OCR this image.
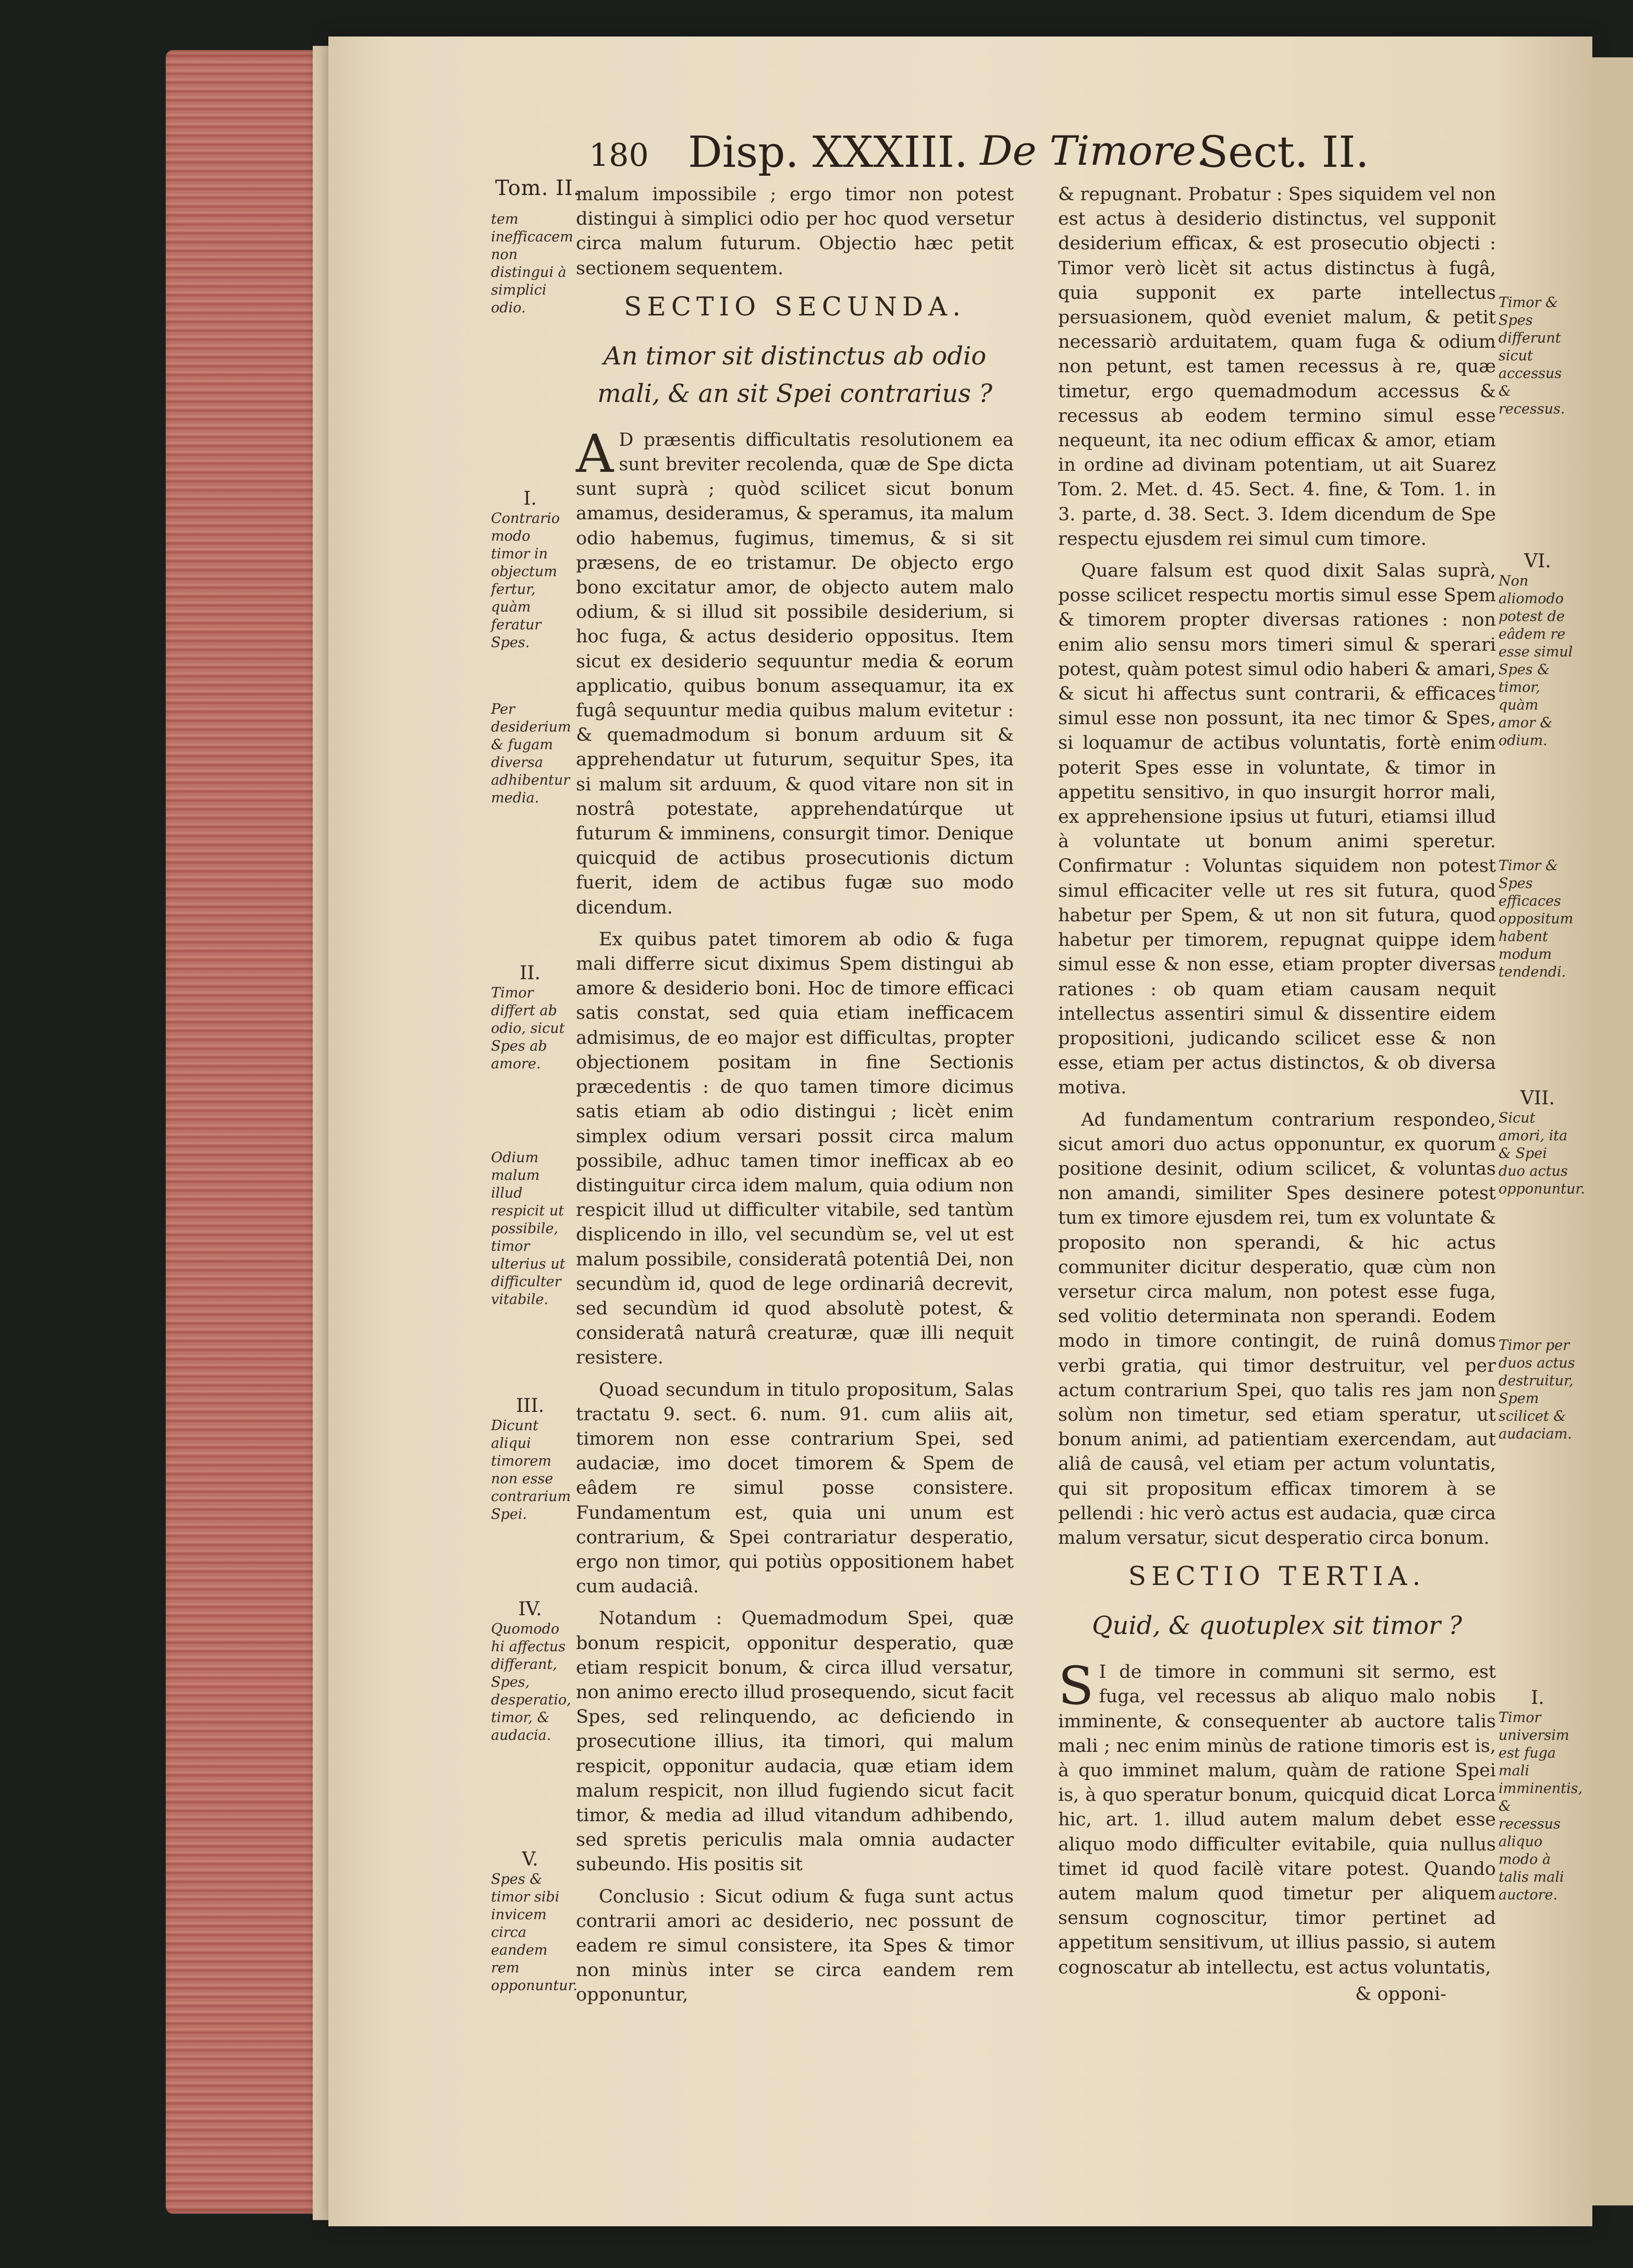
180 Disp. XXXIII. De Timore.
Sect. II.
Tom. II.

malum impossibile ; ergo timor non potest distingui à simplici odio per hoc quod versetur circa malum futurum. Objectio hæc petit sectionem sequentem.

SECTIO SECUNDA.
An timor sit distinctus ab odio mali, & an sit Spei contrarius ?

AD præsentis difficultatis resolutionem ea sunt breviter recolenda, quæ de Spe dicta sunt suprà ; quòd scilicet sicut bonum amamus, desideramus, & speramus, ita malum odio habemus, fugimus, timemus, & si sit præsens, de eo tristamur. De objecto ergo bono excitatur amor, de objecto autem malo odium, & si illud sit possibile desiderium, si hoc fuga, & actus desiderio oppositus. Item sicut ex desiderio sequuntur media & eorum applicatio, quibus bonum assequamur, ita ex fugâ sequuntur media quibus malum evitetur : & quemadmodum si bonum arduum sit & apprehendatur ut futurum, sequitur Spes, ita si malum sit arduum, & quod vitare non sit in nostrâ potestate, apprehendatúrque ut futurum & imminens, consurgit timor. Denique quicquid de actibus prosecutionis dictum fuerit, idem de actibus fugæ suo modo dicendum.

Ex quibus patet timorem ab odio & fuga mali differre sicut diximus Spem distingui ab amore & desiderio boni. Hoc de timore efficaci satis constat, sed quia etiam inefficacem admisimus, de eo major est difficultas, propter objectionem positam in fine Sectionis præcedentis : de quo tamen timore dicimus satis etiam ab odio distingui ; licèt enim simplex odium versari possit circa malum possibile, adhuc tamen timor inefficax ab eo distinguitur circa idem malum, quia odium non respicit illud ut difficulter vitabile, sed tantùm displicendo in illo, vel secundùm se, vel ut est malum possibile, consideratâ potentiâ Dei, non secundùm id, quod de lege ordinariâ decrevit, sed secundùm id quod absolutè potest, & consideratâ naturâ creaturæ, quæ illi nequit resistere.

Quoad secundum in titulo propositum, Salas tractatu 9. sect. 6. num. 91. cum aliis ait, timorem non esse contrarium Spei, sed audaciæ, imo docet timorem & Spem de eâdem re simul posse consistere. Fundamentum est, quia uni unum est contrarium, & Spei contrariatur desperatio, ergo non timor, qui potiùs oppositionem habet cum audaciâ.

Notandum : Quemadmodum Spei, quæ bonum respicit, opponitur desperatio, quæ etiam respicit bonum, & circa illud versatur, non animo erecto illud prosequendo, sicut facit Spes, sed relinquendo, ac deficiendo in prosecutione illius, ita timori, qui malum respicit, opponitur audacia, quæ etiam idem malum respicit, non illud fugiendo sicut facit timor, & media ad illud vitandum adhibendo, sed spretis periculis mala omnia audacter subeundo. His positis sit

Conclusio : Sicut odium & fuga sunt actus contrarii amori ac desiderio, nec possunt de eadem re simul consistere, ita Spes & timor non minùs inter se circa eandem rem opponuntur,

& repugnant. Probatur : Spes siquidem vel non est actus à desiderio distinctus, vel supponit desiderium efficax, & est prosecutio objecti : Timor verò licèt sit actus distinctus à fugâ, quia supponit ex parte intellectus persuasionem, quòd eveniet malum, & petit necessariò arduitatem, quam fuga & odium non petunt, est tamen recessus à re, quæ timetur, ergo quemadmodum accessus & recessus ab eodem termino simul esse nequeunt, ita nec odium efficax & amor, etiam in ordine ad divinam potentiam, ut ait Suarez Tom. 2. Met. d. 45. Sect. 4. fine, & Tom. 1. in 3. parte, d. 38. Sect. 3. Idem dicendum de Spe respectu ejusdem rei simul cum timore.

Quare falsum est quod dixit Salas suprà, posse scilicet respectu mortis simul esse Spem & timorem propter diversas rationes : non enim alio sensu mors timeri simul & sperari potest, quàm potest simul odio haberi & amari, & sicut hi affectus sunt contrarii, & efficaces simul esse non possunt, ita nec timor & Spes, si loquamur de actibus voluntatis, fortè enim poterit Spes esse in voluntate, & timor in appetitu sensitivo, in quo insurgit horror mali, ex apprehensione ipsius ut futuri, etiamsi illud à voluntate ut bonum animi speretur. Confirmatur : Voluntas siquidem non potest simul efficaciter velle ut res sit futura, quod habetur per Spem, & ut non sit futura, quod habetur per timorem, repugnat quippe idem simul esse & non esse, etiam propter diversas rationes : ob quam etiam causam nequit intellectus assentiri simul & dissentire eidem propositioni, judicando scilicet esse & non esse, etiam per actus distinctos, & ob diversa motiva.

Ad fundamentum contrarium respondeo, sicut amori duo actus opponuntur, ex quorum positione desinit, odium scilicet, & voluntas non amandi, similiter Spes desinere potest tum ex timore ejusdem rei, tum ex voluntate & proposito non sperandi, & hic actus communiter dicitur desperatio, quæ cùm non versetur circa malum, non potest esse fuga, sed volitio determinata non sperandi. Eodem modo in timore contingit, de ruinâ domus verbi gratia, qui timor destruitur, vel per actum contrarium Spei, quo talis res jam non solùm non timetur, sed etiam speratur, ut bonum animi, ad patientiam exercendam, aut aliâ de causâ, vel etiam per actum voluntatis, qui sit propositum efficax timorem à se pellendi : hic verò actus est audacia, quæ circa malum versatur, sicut desperatio circa bonum.

SECTIO TERTIA.
Quid, & quotuplex sit timor ?

SI de timore in communi sit sermo, est fuga, vel recessus ab aliquo malo nobis imminente, & consequenter ab auctore talis mali ; nec enim minùs de ratione timoris est is, à quo imminet malum, quàm de ratione Spei is, à quo speratur bonum, quicquid dicat Lorca hic, art. 1. illud autem malum debet esse aliquo modo difficulter evitabile, quia nullus timet id quod facilè vitare potest. Quando autem malum quod timetur per aliquem sensum cognoscitur, timor pertinet ad appetitum sensitivum, ut illius passio, si autem cognoscatur ab intellectu, est actus voluntatis,

& opponi-
tem inefficacem non distingui à simplici odio.
I.
Contrario modo timor in objectum fertur, quàm feratur Spes.
Per desiderium & fugam diversa adhibentur media.
II.
Timor differt ab odio, sicut Spes ab amore.
Odium malum illud respicit ut possibile, timor ulterius ut difficulter vitabile.
III.
Dicunt aliqui timorem non esse contrarium Spei.
IV.
Quomodo hi affectus differant, Spes, desperatio, timor, & audacia.
V.
Spes & timor sibi invicem circa eandem rem opponuntur.
Timor & Spes differunt sicut accessus & recessus.
VI.
Non aliomodo potest de eâdem re esse simul Spes & timor, quàm amor & odium.
Timor & Spes efficaces oppositum habent modum tendendi.
VII.
Sicut amori, ita & Spei duo actus opponuntur.
Timor per duos actus destruitur, Spem scilicet & audaciam.
I.
Timor universim est fuga mali imminentis, & recessus aliquo modo à talis mali auctore.
